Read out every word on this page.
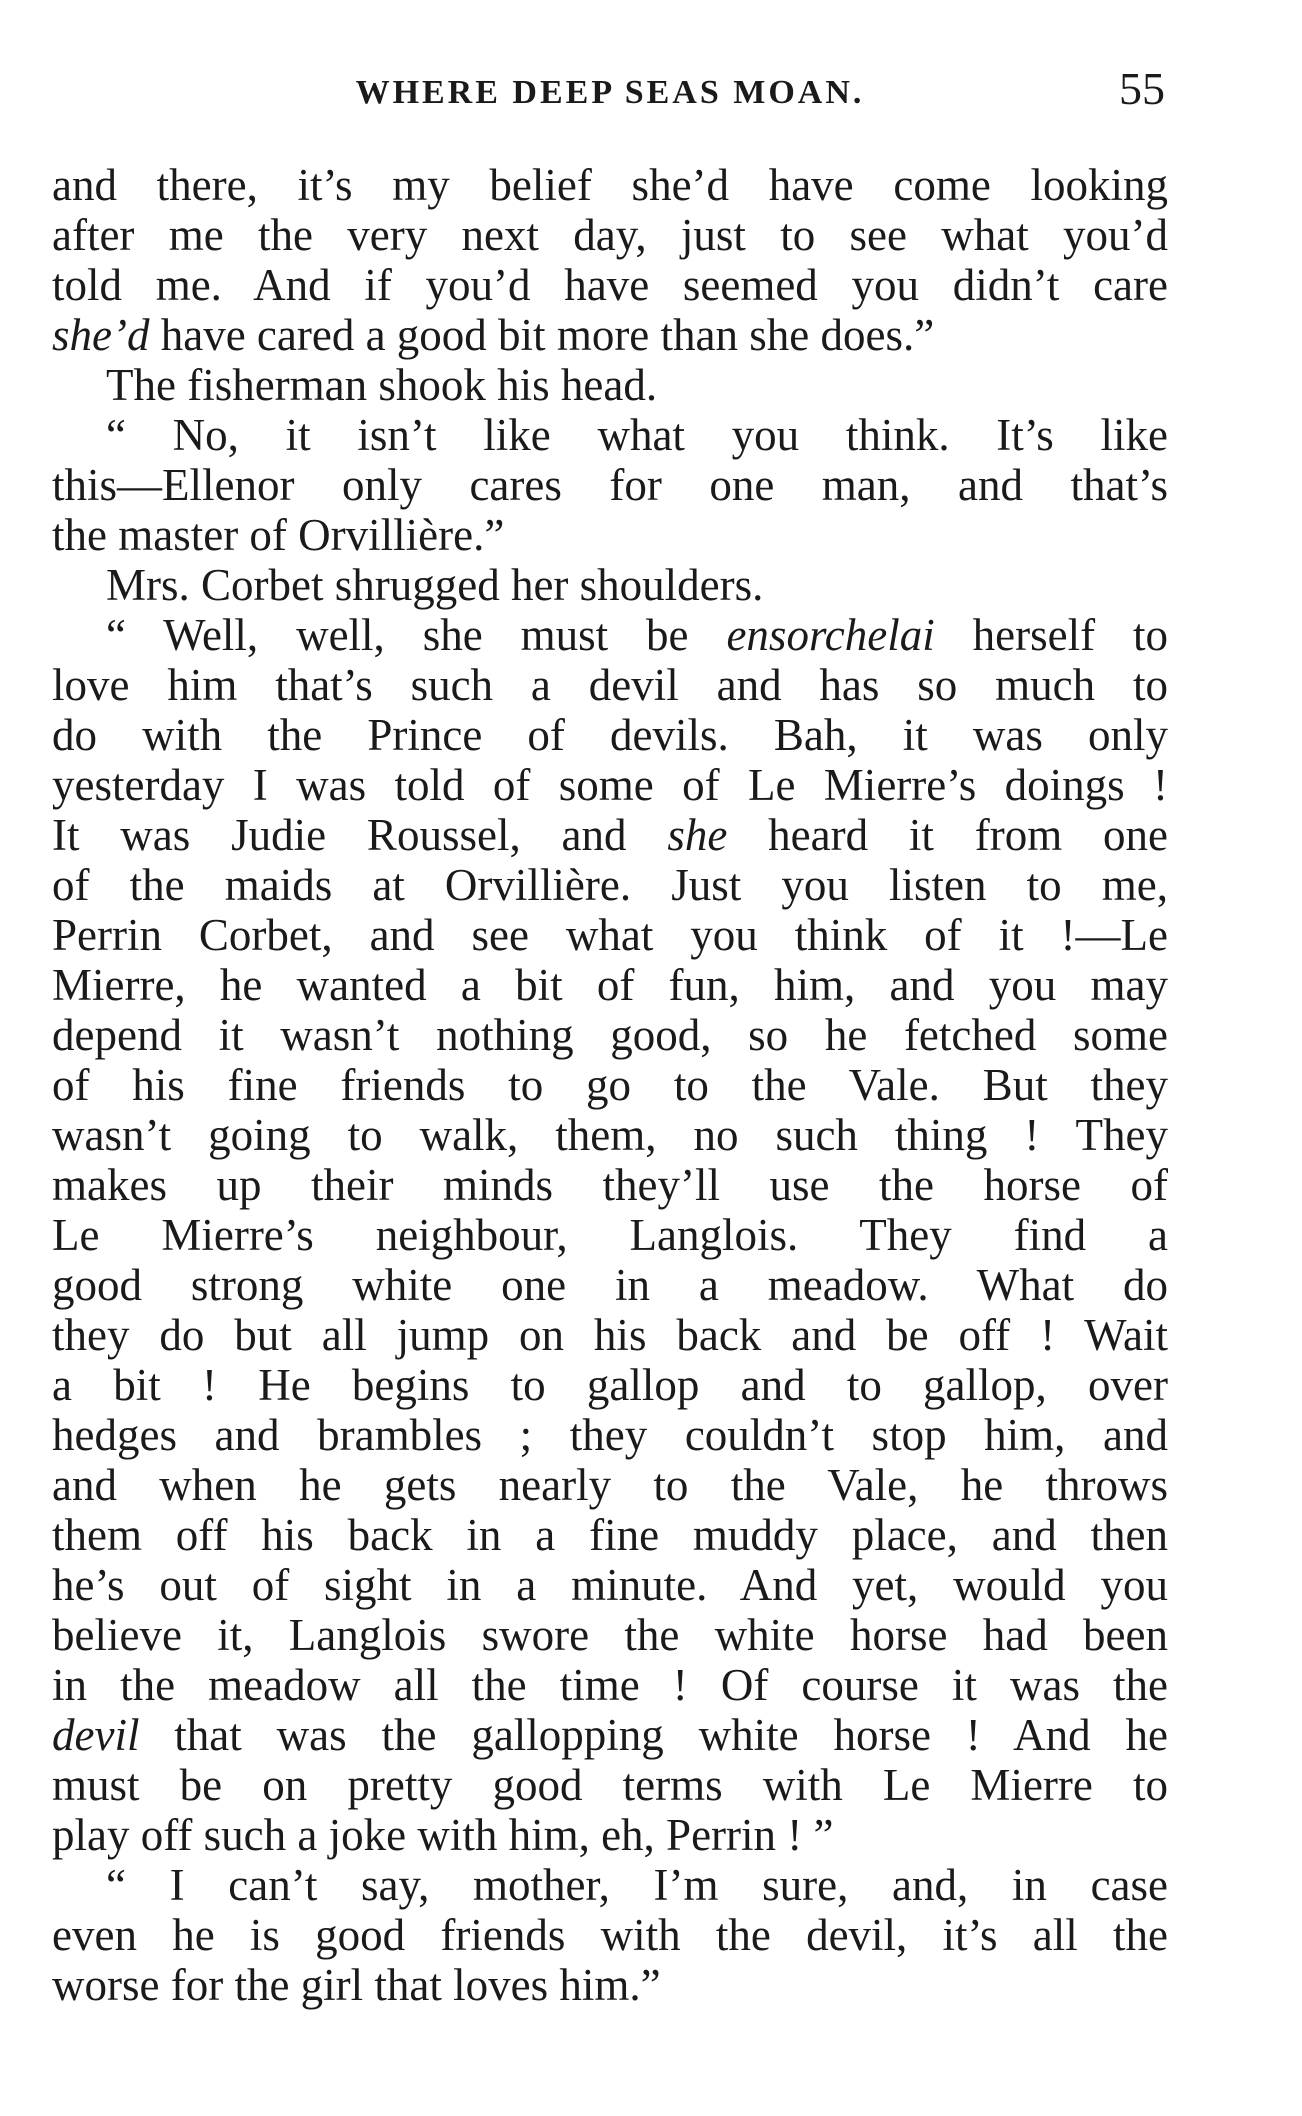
WHERE DEEP SEAS MOAN.	55
and there, it’s my belief she’d have come looking
after me the very next day, just to see what you’d
told me. And if you’d have seemed you didn’t care
she’d have cared a good bit more than she does.”
The fisherman shook his head.
“ No, it isn’t like what you think. It’s like
this—Ellenor only cares for one man, and that’s
the master of Orvillière.”
Mrs. Corbet shrugged her shoulders.
“ Well, well, she must be ensorchelai herself to
love him that’s such a devil and has so much to
do with the Prince of devils. Bah, it was only
yesterday I was told of some of Le Mierre’s doings !
It was Judie Roussel, and she heard it from one
of the maids at Orvillière. Just you listen to me,
Perrin Corbet, and see what you think of it !—Le
Mierre, he wanted a bit of fun, him, and you may
depend it wasn’t nothing good, so he fetched some
of his fine friends to go to the Vale. But they
wasn’t going to walk, them, no such thing ! They
makes up their minds they’ll use the horse of
Le Mierre’s neighbour, Langlois. They find a
good strong white one in a meadow. What do
they do but all jump on his back and be off ! Wait
a bit ! He begins to gallop and to gallop, over
hedges and brambles ; they couldn’t stop him, and
and when he gets nearly to the Vale, he throws
them off his back in a fine muddy place, and then
he’s out of sight in a minute. And yet, would you
believe it, Langlois swore the white horse had been
in the meadow all the time ! Of course it was the
devil that was the gallopping white horse ! And he
must be on pretty good terms with Le Mierre to
play off such a joke with him, eh, Perrin ! ”
“ I can’t say, mother, I’m sure, and, in case
even he is good friends with the devil, it’s all the
worse for the girl that loves him.”
